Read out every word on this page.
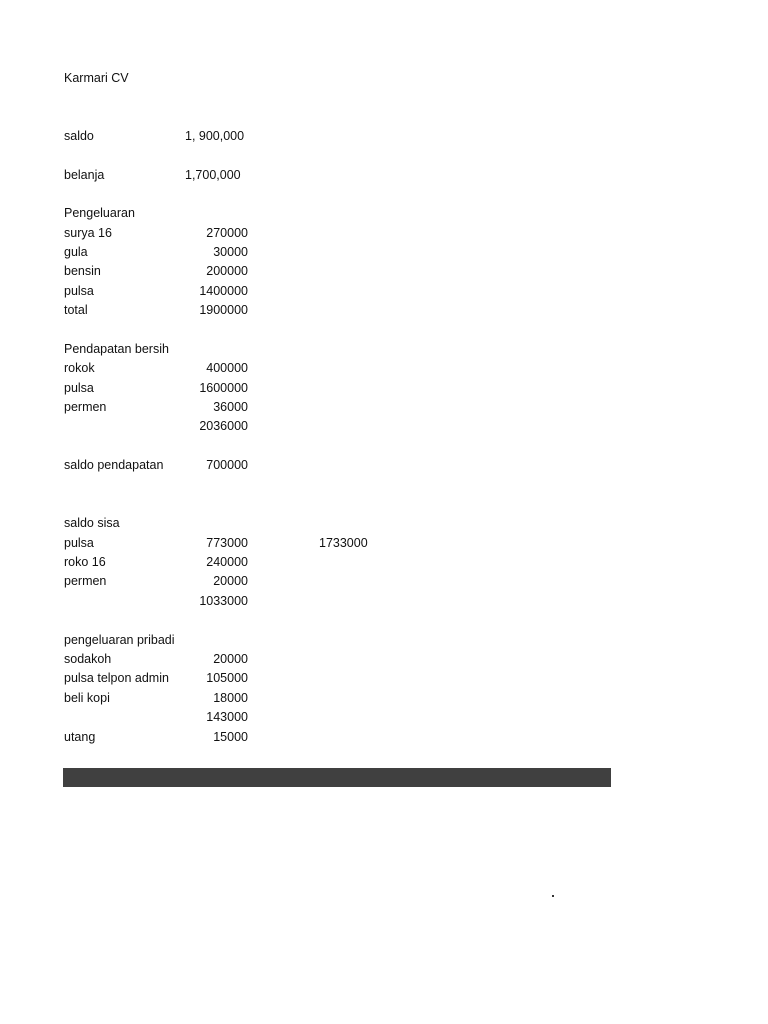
Karmari CV
saldo	1, 900,000
belanja	1,700,000
Pengeluaran
surya 16	270000
gula	30000
bensin	200000
pulsa	1400000
total	1900000
Pendapatan bersih
rokok	400000
pulsa	1600000
permen	36000
2036000
saldo pendapatan	700000
saldo sisa
pulsa	773000	1733000
roko 16	240000
permen	20000
1033000
pengeluaran pribadi
sodakoh	20000
pulsa telpon admin	105000
beli kopi	18000
143000
utang	15000
